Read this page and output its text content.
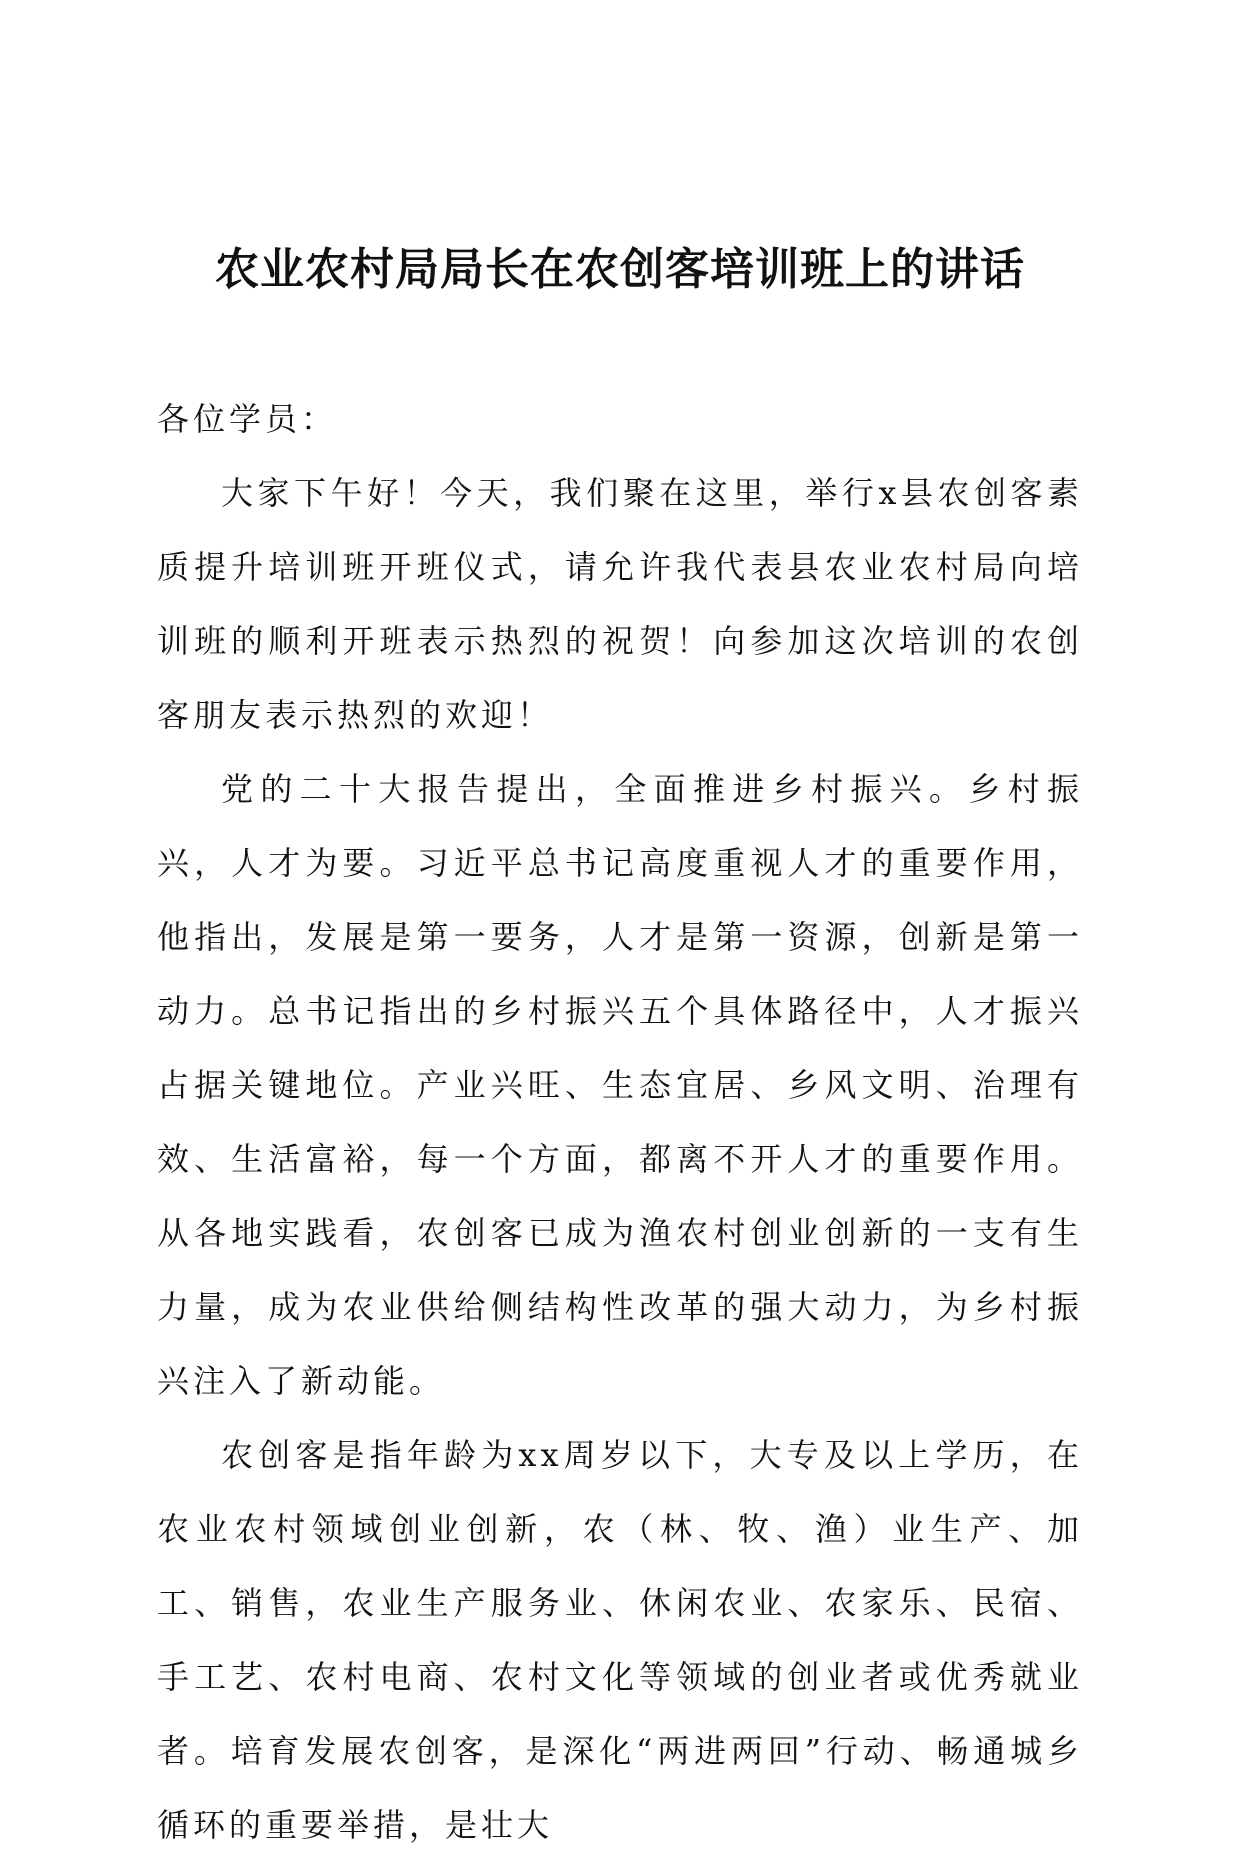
农业农村局局长在农创客培训班上的讲话

各位学员：

大家下午好！今天，我们聚在这里，举行x县农创客素质提升培训班开班仪式，请允许我代表县农业农村局向培训班的顺利开班表示热烈的祝贺！向参加这次培训的农创客朋友表示热烈的欢迎！

党的二十大报告提出，全面推进乡村振兴。乡村振兴，人才为要。习近平总书记高度重视人才的重要作用，他指出，发展是第一要务，人才是第一资源，创新是第一动力。总书记指出的乡村振兴五个具体路径中，人才振兴占据关键地位。产业兴旺、生态宜居、乡风文明、治理有效、生活富裕，每一个方面，都离不开人才的重要作用。从各地实践看，农创客已成为渔农村创业创新的一支有生力量，成为农业供给侧结构性改革的强大动力，为乡村振兴注入了新动能。

农创客是指年龄为xx周岁以下，大专及以上学历，在农业农村领域创业创新，农（林、牧、渔）业生产、加工、销售，农业生产服务业、休闲农业、农家乐、民宿、手工艺、农村电商、农村文化等领域的创业者或优秀就业者。培育发展农创客，是深化“两进两回”行动、畅通城乡循环的重要举措，是壮大
